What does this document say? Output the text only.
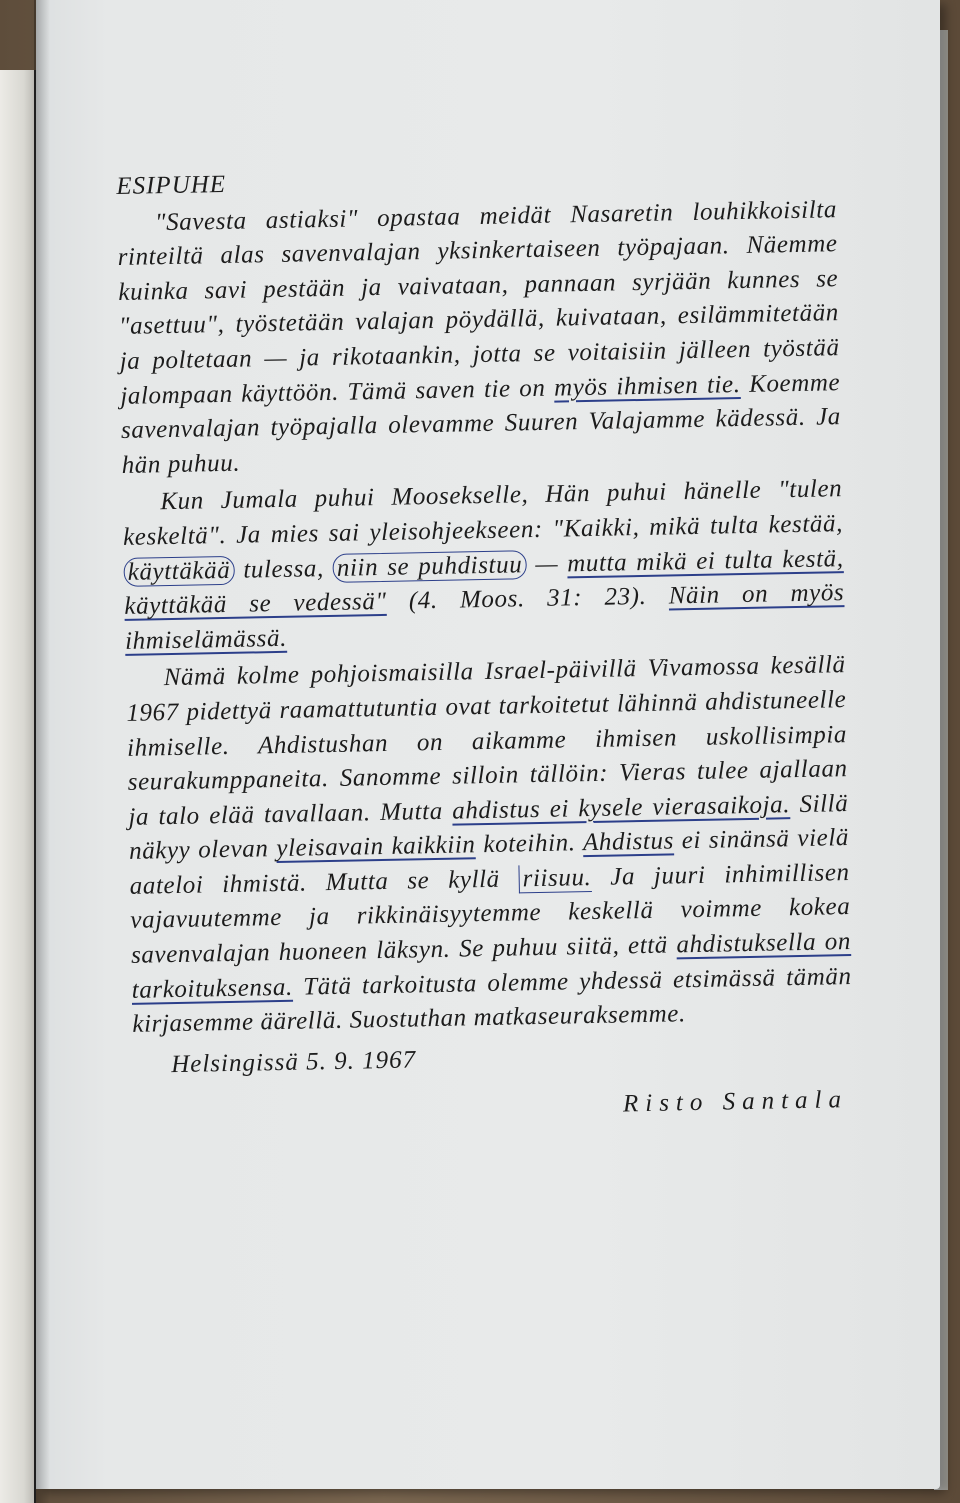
ESIPUHE

"Savesta astiaksi" opastaa meidät Nasaretin louhikkoisilta rinteiltä alas savenvalajan yksinkertaiseen työpajaan. Näemme kuinka savi pestään ja vaivataan, pannaan syrjään kunnes se "asettuu", työstetään valajan pöydällä, kuivataan, esilämmitetään ja poltetaan — ja rikotaankin, jotta se voitaisiin jälleen työstää jalompaan käyttöön. Tämä saven tie on myös ihmisen tie. Koemme savenvalajan työpajalla olevamme Suuren Valajamme kädessä. Ja hän puhuu.

Kun Jumala puhui Moosekselle, Hän puhui hänelle "tulen keskeltä". Ja mies sai yleisohjeekseen: "Kaikki, mikä tulta kestää, käyttäkää tulessa, niin se puhdistuu — mutta mikä ei tulta kestä, käyttäkää se vedessä" (4. Moos. 31: 23). Näin on myös ihmiselämässä.

Nämä kolme pohjoismaisilla Israel-päivillä Vivamossa kesällä 1967 pidettyä raamattutuntia ovat tarkoitetut lähinnä ahdistuneelle ihmiselle. Ahdistushan on aikamme ihmisen uskollisimpia seurakumppaneita. Sanomme silloin tällöin: Vieras tulee ajallaan ja talo elää tavallaan. Mutta ahdistus ei kysele vierasaikoja. Sillä näkyy olevan yleisavain kaikkiin koteihin. Ahdistus ei sinänsä vielä aateloi ihmistä. Mutta se kyllä riisuu. Ja juuri inhimillisen vajavuutemme ja rikkinäisyytemme keskellä voimme kokea savenvalajan huoneen läksyn. Se puhuu siitä, että ahdistuksella on tarkoituksensa. Tätä tarkoitusta olemme yhdessä etsimässä tämän kirjasemme äärellä. Suostuthan matkaseuraksemme.

Helsingissä 5. 9. 1967
Risto Santala
